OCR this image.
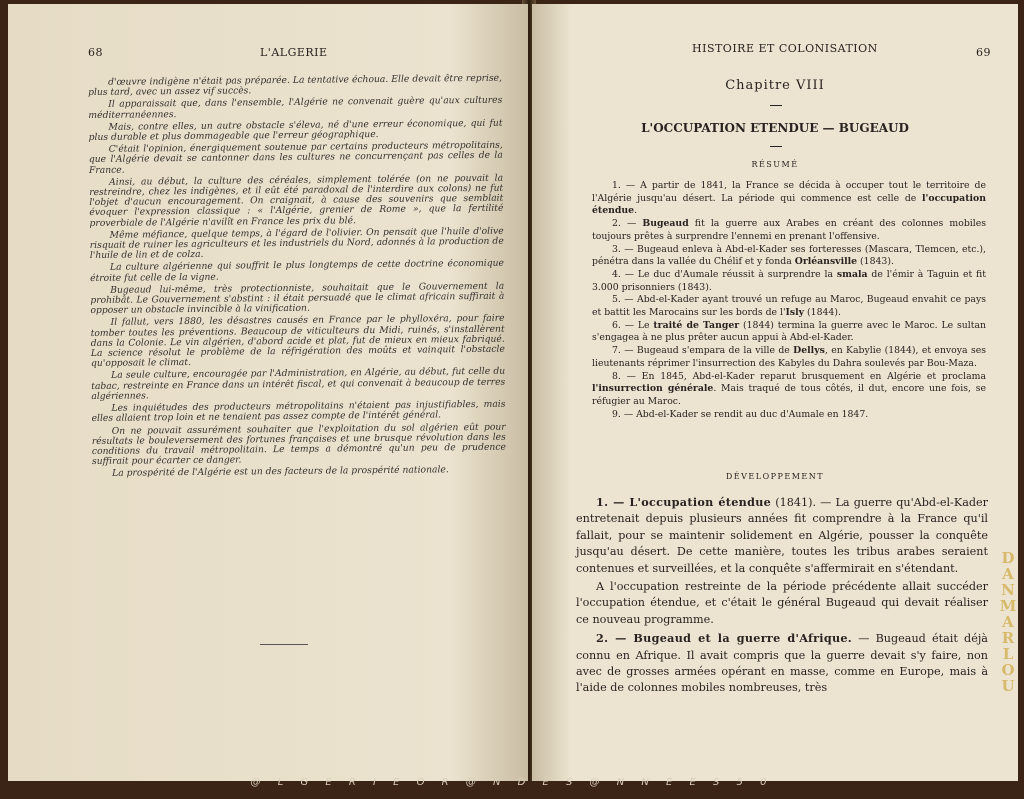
68	L'ALGERIE

d'œuvre indigène n'était pas préparée. La tentative échoua. Elle devait être reprise, plus tard, avec un assez vif succès.

Il apparaissait que, dans l'ensemble, l'Algérie ne convenait guère qu'aux cultures méditerranéennes.

Mais, contre elles, un autre obstacle s'éleva, né d'une erreur économique, qui fut plus durable et plus dommageable que l'erreur géographique.

C'était l'opinion, énergiquement soutenue par certains producteurs métropolitains, que l'Algérie devait se cantonner dans les cultures ne concurrençant pas celles de la France.

Ainsi, au début, la culture des céréales, simplement tolérée (on ne pouvait la restreindre, chez les indigènes, et il eût été paradoxal de l'interdire aux colons) ne fut l'objet d'aucun encouragement. On craignait, à cause des souvenirs que semblait évoquer l'expression classique : « l'Algérie, grenier de Rome », que la fertilité proverbiale de l'Algérie n'avilît en France les prix du blé.

Même méfiance, quelque temps, à l'égard de l'olivier. On pensait que l'huile d'olive risquait de ruiner les agriculteurs et les industriels du Nord, adonnés à la production de l'huile de lin et de colza.

La culture algérienne qui souffrit le plus longtemps de cette doctrine économique étroite fut celle de la vigne.

Bugeaud lui-même, très protectionniste, souhaitait que le Gouvernement la prohibât. Le Gouvernement s'abstint : il était persuadé que le climat africain suffirait à opposer un obstacle invincible à la vinification.

Il fallut, vers 1880, les désastres causés en France par le phylloxéra, pour faire tomber toutes les préventions. Beaucoup de viticulteurs du Midi, ruinés, s'installèrent dans la Colonie. Le vin algérien, d'abord acide et plat, fut de mieux en mieux fabriqué. La science résolut le problème de la réfrigération des moûts et vainquit l'obstacle qu'opposait le climat.

La seule culture, encouragée par l'Administration, en Algérie, au début, fut celle du tabac, restreinte en France dans un intérêt fiscal, et qui convenait à beaucoup de terres algériennes.

Les inquiétudes des producteurs métropolitains n'étaient pas injustifiables, mais elles allaient trop loin et ne tenaient pas assez compte de l'intérêt général.

On ne pouvait assurément souhaiter que l'exploitation du sol algérien eût pour résultats le bouleversement des fortunes françaises et une brusque révolution dans les conditions du travail métropolitain. Le temps a démontré qu'un peu de prudence suffirait pour écarter ce danger.

La prospérité de l'Algérie est un des facteurs de la prospérité nationale.

HISTOIRE ET COLONISATION	69
Chapitre VIII
L'OCCUPATION ETENDUE — BUGEAUD
RÉSUMÉ

1. — A partir de 1841, la France se décida à occuper tout le territoire de l'Algérie jusqu'au désert. La période qui commence est celle de l'occupation étendue.

2. — Bugeaud fit la guerre aux Arabes en créant des colonnes mobiles toujours prêtes à surprendre l'ennemi en prenant l'offensive.

3. — Bugeaud enleva à Abd-el-Kader ses forteresses (Mascara, Tlemcen, etc.), pénétra dans la vallée du Chélif et y fonda Orléansville (1843).

4. — Le duc d'Aumale réussit à surprendre la smala de l'émir à Taguin et fit 3.000 prisonniers (1843).

5. — Abd-el-Kader ayant trouvé un refuge au Maroc, Bugeaud envahit ce pays et battit les Marocains sur les bords de l'Isly (1844).

6. — Le traité de Tanger (1844) termina la guerre avec le Maroc. Le sultan s'engagea à ne plus prêter aucun appui à Abd-el-Kader.

7. — Bugeaud s'empara de la ville de Dellys, en Kabylie (1844), et envoya ses lieutenants réprimer l'insurrection des Kabyles du Dahra soulevés par Bou-Maza.

8. — En 1845, Abd-el-Kader reparut brusquement en Algérie et proclama l'insurrection générale. Mais traqué de tous côtés, il dut, encore une fois, se réfugier au Maroc.

9. — Abd-el-Kader se rendit au duc d'Aumale en 1847.

DÉVELOPPEMENT

1. — L'occupation étendue (1841). — La guerre qu'Abd-el-Kader entretenait depuis plusieurs années fit comprendre à la France qu'il fallait, pour se maintenir solidement en Algérie, pousser la conquête jusqu'au désert. De cette manière, toutes les tribus arabes seraient contenues et surveillées, et la conquête s'affermirait en s'étendant.

A l'occupation restreinte de la période précédente allait succéder l'occupation étendue, et c'était le général Bugeaud qui devait réaliser ce nouveau programme.

2. — Bugeaud et la guerre d'Afrique. — Bugeaud était déjà connu en Afrique. Il avait compris que la guerre devait s'y faire, non avec de grosses armées opérant en masse, comme en Europe, mais à l'aide de colonnes mobiles nombreuses, très

@ L G E R I E O R @ N D E S @ N N E E S 5 0
D
A
N
M
A
R
L
O
U
